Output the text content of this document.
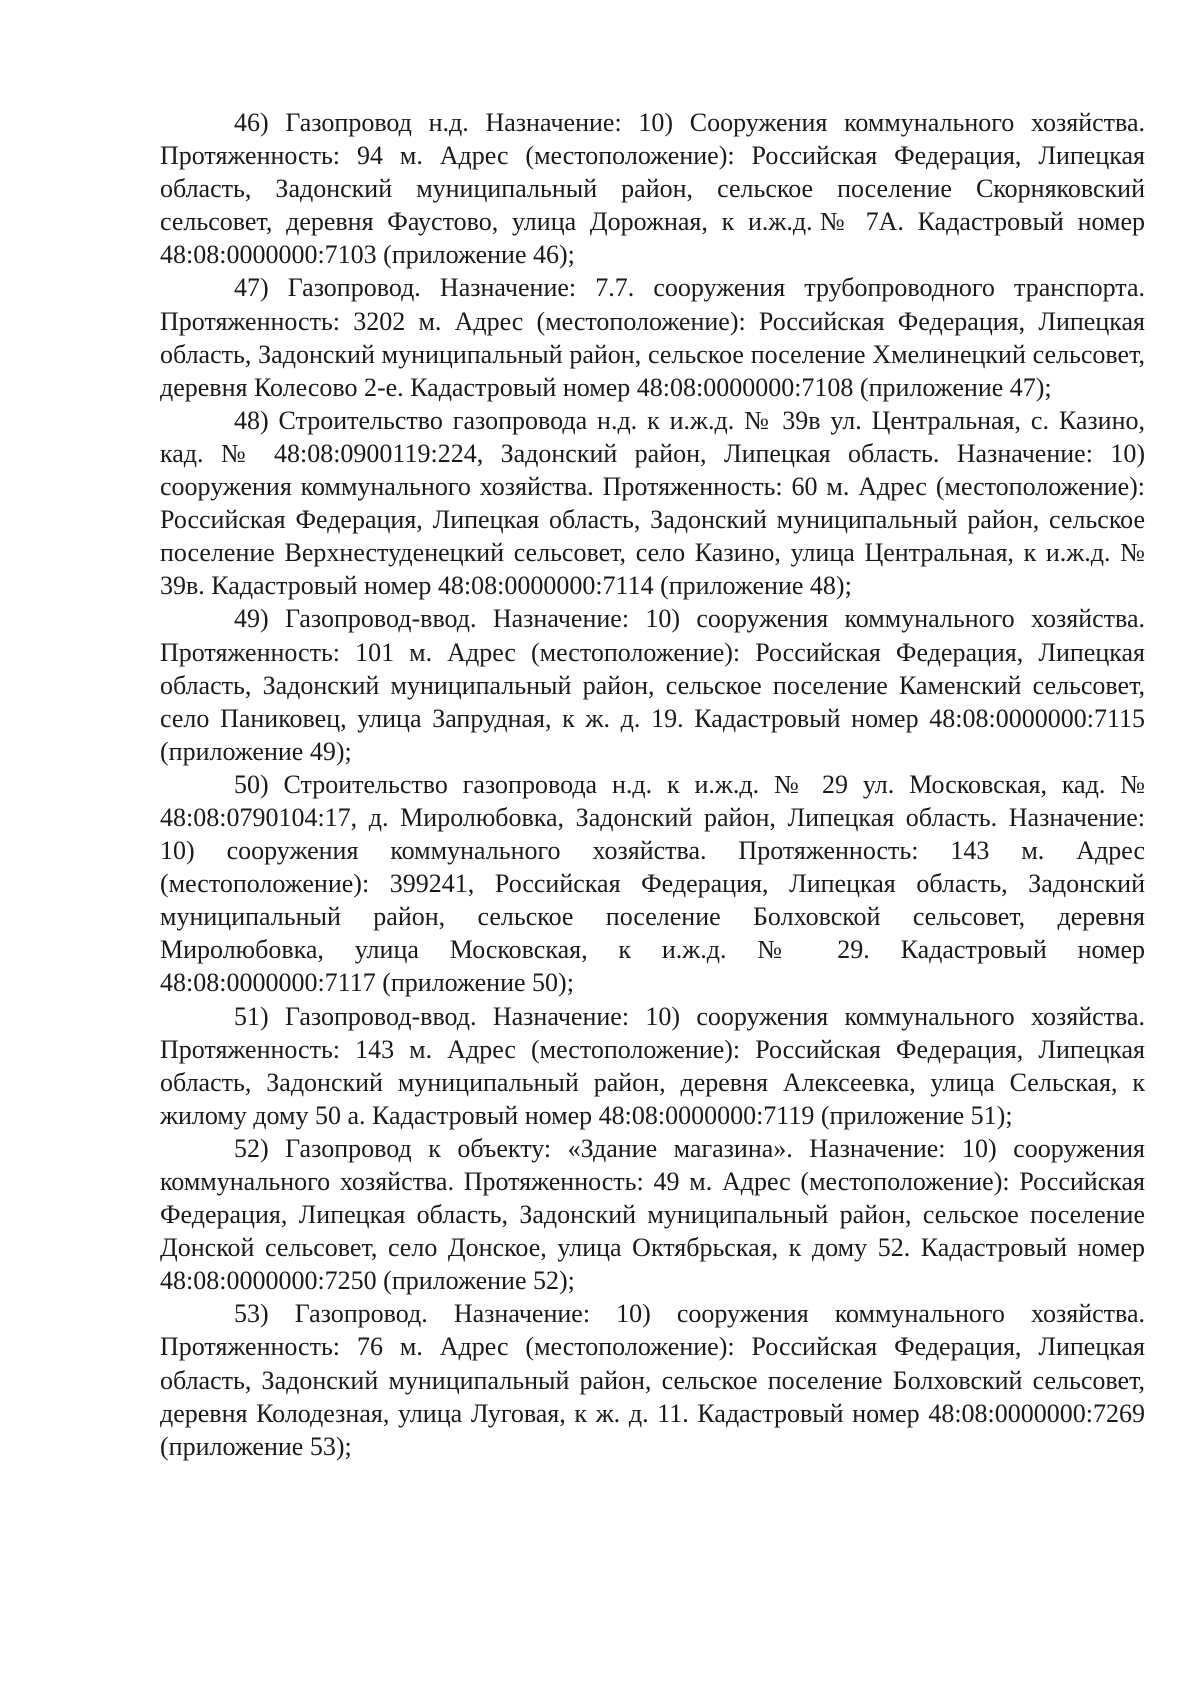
46) Газопровод н.д. Назначение: 10) Сооружения коммунального хозяйства. Протяженность: 94 м. Адрес (местоположение): Российская Федерация, Липецкая область, Задонский муниципальный район, сельское поселение Скорняковский сельсовет, деревня Фаустово, улица Дорожная, к и.ж.д.№ 7А. Кадастровый номер 48:08:0000000:7103 (приложение 46);

47) Газопровод. Назначение: 7.7. сооружения трубопроводного транспорта. Протяженность: 3202 м. Адрес (местоположение): Российская Федерация, Липецкая область, Задонский муниципальный район, сельское поселение Хмелинецкий сельсовет, деревня Колесово 2-е. Кадастровый номер 48:08:0000000:7108 (приложение 47);

48) Строительство газопровода н.д. к и.ж.д. № 39в ул. Центральная, с. Казино, кад. № 48:08:0900119:224, Задонский район, Липецкая область. Назначение: 10) сооружения коммунального хозяйства. Протяженность: 60 м. Адрес (местоположение): Российская Федерация, Липецкая область, Задонский муниципальный район, сельское поселение Верхнестуденецкий сельсовет, село Казино, улица Центральная, к и.ж.д. № 39в. Кадастровый номер 48:08:0000000:7114 (приложение 48);

49) Газопровод-ввод. Назначение: 10) сооружения коммунального хозяйства. Протяженность: 101 м. Адрес (местоположение): Российская Федерация, Липецкая область, Задонский муниципальный район, сельское поселение Каменский сельсовет, село Паниковец, улица Запрудная, к ж. д. 19. Кадастровый номер 48:08:0000000:7115 (приложение 49);

50) Строительство газопровода н.д. к и.ж.д. № 29 ул. Московская, кад. № 48:08:0790104:17, д. Миролюбовка, Задонский район, Липецкая область. Назначение: 10) сооружения коммунального хозяйства. Протяженность: 143 м. Адрес (местоположение): 399241, Российская Федерация, Липецкая область, Задонский муниципальный район, сельское поселение Болховской сельсовет, деревня Миролюбовка, улица Московская, к и.ж.д. № 29. Кадастровый номер 48:08:0000000:7117 (приложение 50);

51) Газопровод-ввод. Назначение: 10) сооружения коммунального хозяйства. Протяженность: 143 м. Адрес (местоположение): Российская Федерация, Липецкая область, Задонский муниципальный район, деревня Алексеевка, улица Сельская, к жилому дому 50 а. Кадастровый номер 48:08:0000000:7119 (приложение 51);

52) Газопровод к объекту: «Здание магазина». Назначение: 10) сооружения коммунального хозяйства. Протяженность: 49 м. Адрес (местоположение): Российская Федерация, Липецкая область, Задонский муниципальный район, сельское поселение Донской сельсовет, село Донское, улица Октябрьская, к дому 52. Кадастровый номер 48:08:0000000:7250 (приложение 52);

53) Газопровод. Назначение: 10) сооружения коммунального хозяйства. Протяженность: 76 м. Адрес (местоположение): Российская Федерация, Липецкая область, Задонский муниципальный район, сельское поселение Болховский сельсовет, деревня Колодезная, улица Луговая, к ж. д. 11. Кадастровый номер 48:08:0000000:7269 (приложение 53);
